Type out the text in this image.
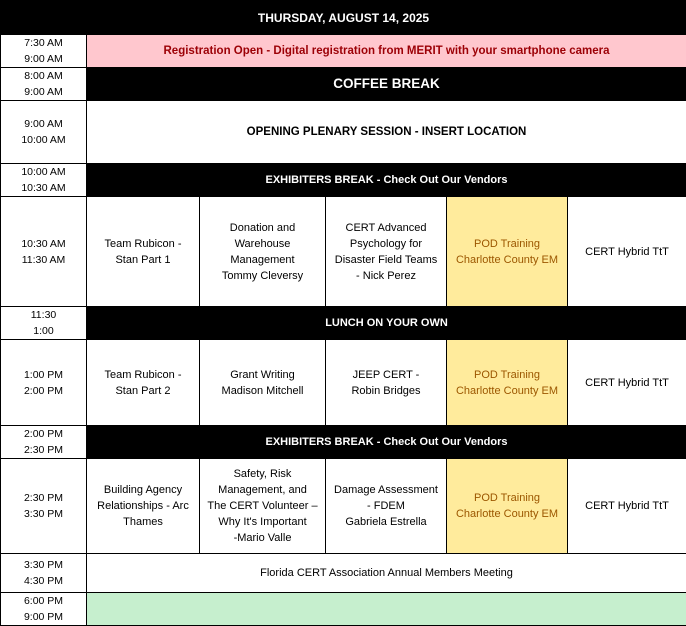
THURSDAY, AUGUST 14, 2025					
7:30 AM
9:00 AM	Registration Open - Digital registration from MERIT with your smartphone camera				
8:00 AM
9:00 AM	COFFEE BREAK				
9:00 AM
10:00 AM	OPENING PLENARY SESSION - INSERT LOCATION				
10:00 AM
10:30 AM	EXHIBITERS BREAK - Check Out Our Vendors				
10:30 AM
11:30 AM	Team Rubicon -
Stan Part 1	Donation and
Warehouse
Management
Tommy Cleversy	CERT Advanced
Psychology for
Disaster Field Teams
- Nick Perez	POD Training
Charlotte County EM	CERT Hybrid TtT
11:30
1:00	LUNCH ON YOUR OWN				
1:00 PM
2:00 PM	Team Rubicon -
Stan Part 2	Grant Writing
Madison Mitchell	JEEP CERT -
Robin Bridges	POD Training
Charlotte County EM	CERT Hybrid TtT
2:00 PM
2:30 PM	EXHIBITERS BREAK - Check Out Our Vendors				
2:30 PM
3:30 PM	Building Agency
Relationships - Arc
Thames	Safety, Risk
Management, and
The CERT Volunteer –
Why It's Important
-Mario Valle	Damage Assessment
- FDEM
Gabriela Estrella	POD Training
Charlotte County EM	CERT Hybrid TtT
3:30 PM
4:30 PM	Florida CERT Association Annual Members Meeting				
6:00 PM
9:00 PM					
